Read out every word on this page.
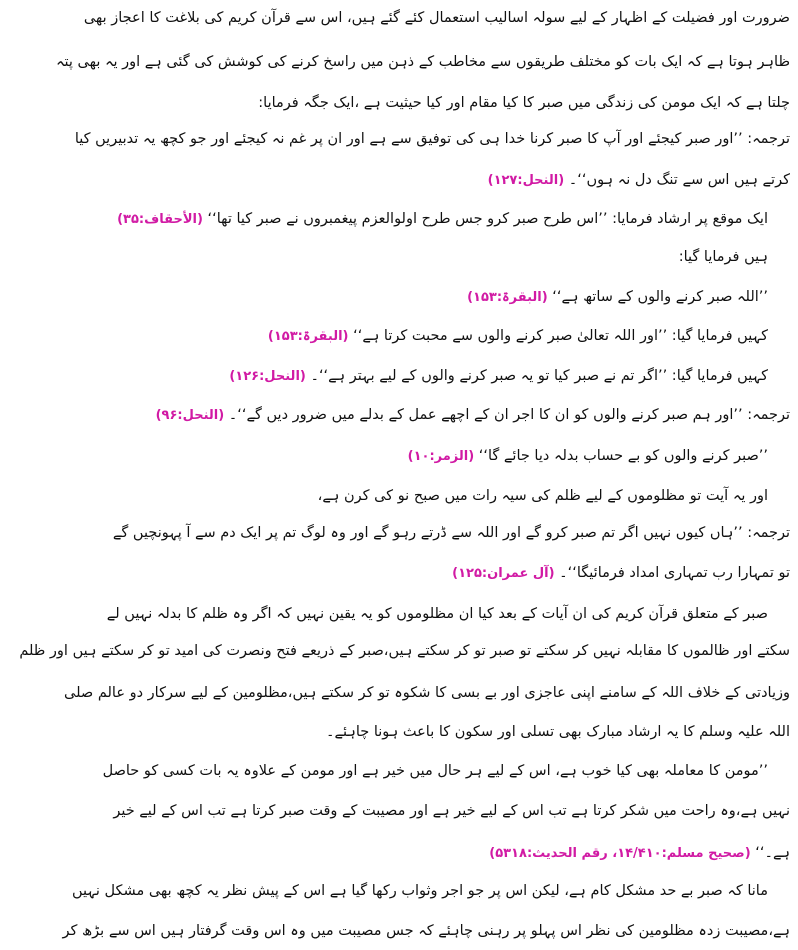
ضرورت اور فضیلت کے اظہار کے لیے سولہ اسالیب استعمال کئے گئے ہیں، اس سے قرآن کریم کی بلاغت کا اعجاز بھی
ظاہر ہوتا ہے کہ ایک بات کو مختلف طریقوں سے مخاطب کے ذہن میں راسخ کرنے کی کوشش کی گئی ہے اور یہ بھی پتہ
چلتا ہے کہ ایک مومن کی زندگی میں صبر کا کیا مقام اور کیا حیثیت ہے ،ایک جگہ فرمایا:
ترجمہ: ’’اور صبر کیجئے اور آپ کا صبر کرنا خدا ہی کی توفیق سے ہے اور ان پر غم نہ کیجئے اور جو کچھ یہ تدبیریں کیا
کرتے ہیں اس سے تنگ دل نہ ہوں‘‘۔ (النحل:۱۲۷)
ایک موقع پر ارشاد فرمایا: ’’اس طرح صبر کرو جس طرح اولوالعزم پیغمبروں نے صبر کیا تھا‘‘ (الأحقاف:۳۵)
ہیں فرمایا گیا:
’’اللہ صبر کرنے والوں کے ساتھ ہے‘‘ (البقرۃ:۱۵۳)
کہیں فرمایا گیا: ’’اور اللہ تعالیٰ صبر کرنے والوں سے محبت کرتا ہے‘‘ (البقرۃ:۱۵۳)
کہیں فرمایا گیا: ’’اگر تم نے صبر کیا تو یہ صبر کرنے والوں کے لیے بہتر ہے‘‘۔ (النحل:۱۲۶)
ترجمہ: ’’اور ہم صبر کرنے والوں کو ان کا اجر ان کے اچھے عمل کے بدلے میں ضرور دیں گے‘‘۔ (النحل:۹۶)
’’صبر کرنے والوں کو بے حساب بدلہ دیا جائے گا‘‘ (الزمر:۱۰)
اور یہ آیت تو مظلوموں کے لیے ظلم کی سیہ رات میں صبح نو کی کرن ہے،
ترجمہ: ’’ہاں کیوں نہیں اگر تم صبر کرو گے اور اللہ سے ڈرتے رہو گے اور وہ لوگ تم پر ایک دم سے آ پہونچیں گے
تو تمہارا رب تمہاری امداد فرمائیگا‘‘۔ (آل عمران:۱۲۵)
صبر کے متعلق قرآن کریم کی ان آیات کے بعد کیا ان مظلوموں کو یہ یقین نہیں کہ اگر وہ ظلم کا بدلہ نہیں لے
سکتے اور ظالموں کا مقابلہ نہیں کر سکتے تو صبر تو کر سکتے ہیں،صبر کے ذریعے فتح ونصرت کی امید تو کر سکتے ہیں اور ظلم
وزیادتی کے خلاف اللہ کے سامنے اپنی عاجزی اور بے بسی کا شکوہ تو کر سکتے ہیں،مظلومین کے لیے سرکار دو عالم صلی
اللہ علیہ وسلم کا یہ ارشاد مبارک بھی تسلی اور سکون کا باعث ہونا چاہئے۔
’’مومن کا معاملہ بھی کیا خوب ہے، اس کے لیے ہر حال میں خیر ہے اور مومن کے علاوہ یہ بات کسی کو حاصل
نہیں ہے،وہ راحت میں شکر کرتا ہے تب اس کے لیے خیر ہے اور مصیبت کے وقت صبر کرتا ہے تب اس کے لیے خیر
ہے۔‘‘ (صحیح مسلم:۱۴/۴۱۰، رقم الحدیث:۵۳۱۸)
مانا کہ صبر بے حد مشکل کام ہے، لیکن اس پر جو اجر وثواب رکھا گیا ہے اس کے پیش نظر یہ کچھ بھی مشکل نہیں
ہے،مصیبت زدہ مظلومین کی نظر اس پہلو پر رہنی چاہئے کہ جس مصیبت میں وہ اس وقت گرفتار ہیں اس سے بڑھ کر
